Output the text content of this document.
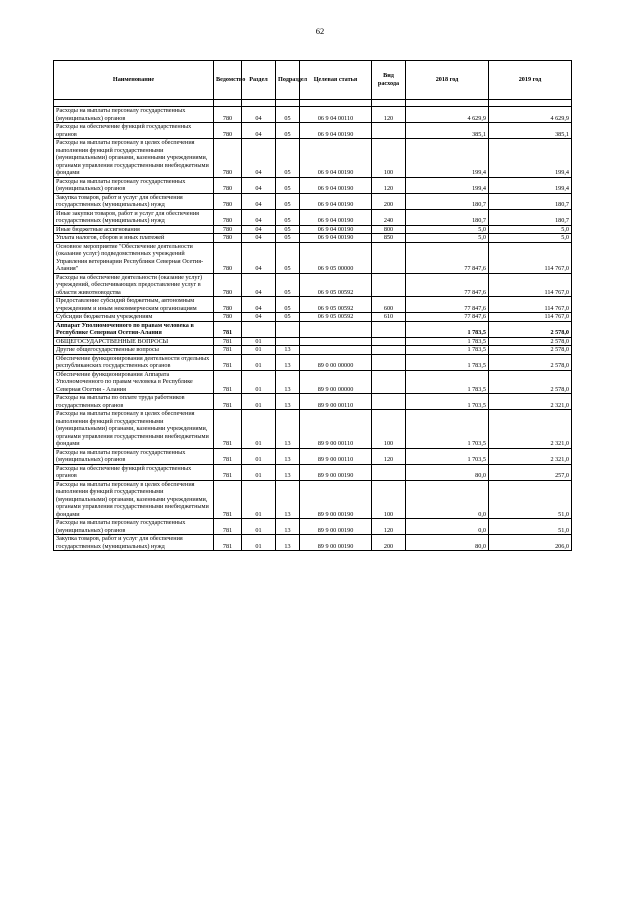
62
Наименование	Ведомство	Раздел	Подраздел	Целевая статья	Вид расхода	2018 год	2019 год

Расходы на выплаты персоналу государственных (муниципальных) органов	780	04	05	06 9 04 00110	120	4 629,9	4 629,9
Расходы на обеспечение функций государственных органов	780	04	05	06 9 04 00190		385,1	385,1
Расходы на выплаты персоналу в целях обеспечения выполнения функций государственными (муниципальными) органами, казенными учреждениями, органами управления государственными внебюджетными фондами	780	04	05	06 9 04 00190	100	199,4	199,4
Расходы на выплаты персоналу государственных (муниципальных) органов	780	04	05	06 9 04 00190	120	199,4	199,4
Закупка товаров, работ и услуг для обеспечения государственных (муниципальных) нужд	780	04	05	06 9 04 00190	200	180,7	180,7
Иные закупки товаров, работ и услуг для обеспечения государственных (муниципальных) нужд	780	04	05	06 9 04 00190	240	180,7	180,7
Иные бюджетные ассигнования	780	04	05	06 9 04 00190	800	5,0	5,0
Уплата налогов, сборов и иных платежей	780	04	05	06 9 04 00190	850	5,0	5,0
Основное мероприятие "Обеспечение деятельности (оказание услуг) подведомственных учреждений Управления ветеринарии Республики Северная Осетия-Алания"	780	04	05	06 9 05 00000		77 847,6	114 767,0
Расходы на обеспечение деятельности (оказание услуг) учреждений, обеспечивающих предоставление услуг в области животноводства	780	04	05	06 9 05 00592		77 847,6	114 767,0
Предоставление субсидий бюджетным, автономным учреждениям и иным некоммерческим организациям	780	04	05	06 9 05 00592	600	77 847,6	114 767,0
Субсидии бюджетным учреждениям	780	04	05	06 9 05 00592	610	77 847,6	114 767,0
Аппарат Уполномоченного по правам человека в Республике Северная Осетия-Алания	781					1 783,5	2 578,0
ОБЩЕГОСУДАРСТВЕННЫЕ ВОПРОСЫ	781	01				1 783,5	2 578,0
Другие общегосударственные вопросы	781	01	13			1 783,5	2 578,0
Обеспечение функционирования деятельности отдельных республиканских государственных органов	781	01	13	89 0 00 00000		1 783,5	2 578,0
Обеспечение функционирования Аппарата Уполномоченного по правам человека в Республике Северная Осетия - Алания	781	01	13	89 9 00 00000		1 783,5	2 578,0
Расходы на выплаты по оплате труда работников государственных органов	781	01	13	89 9 00 00110		1 703,5	2 321,0
Расходы на выплаты персоналу в целях обеспечения выполнения функций государственными (муниципальными) органами, казенными учреждениями, органами управления государственными внебюджетными фондами	781	01	13	89 9 00 00110	100	1 703,5	2 321,0
Расходы на выплаты персоналу государственных (муниципальных) органов	781	01	13	89 9 00 00110	120	1 703,5	2 321,0
Расходы на обеспечение функций государственных органов	781	01	13	89 9 00 00190		80,0	257,0
Расходы на выплаты персоналу в целях обеспечения выполнения функций государственными (муниципальными) органами, казенными учреждениями, органами управления государственными внебюджетными фондами	781	01	13	89 9 00 00190	100	0,0	51,0
Расходы на выплаты персоналу государственных (муниципальных) органов	781	01	13	89 9 00 00190	120	0,0	51,0
Закупка товаров, работ и услуг для обеспечения государственных (муниципальных) нужд	781	01	13	89 9 00 00190	200	80,0	206,0
